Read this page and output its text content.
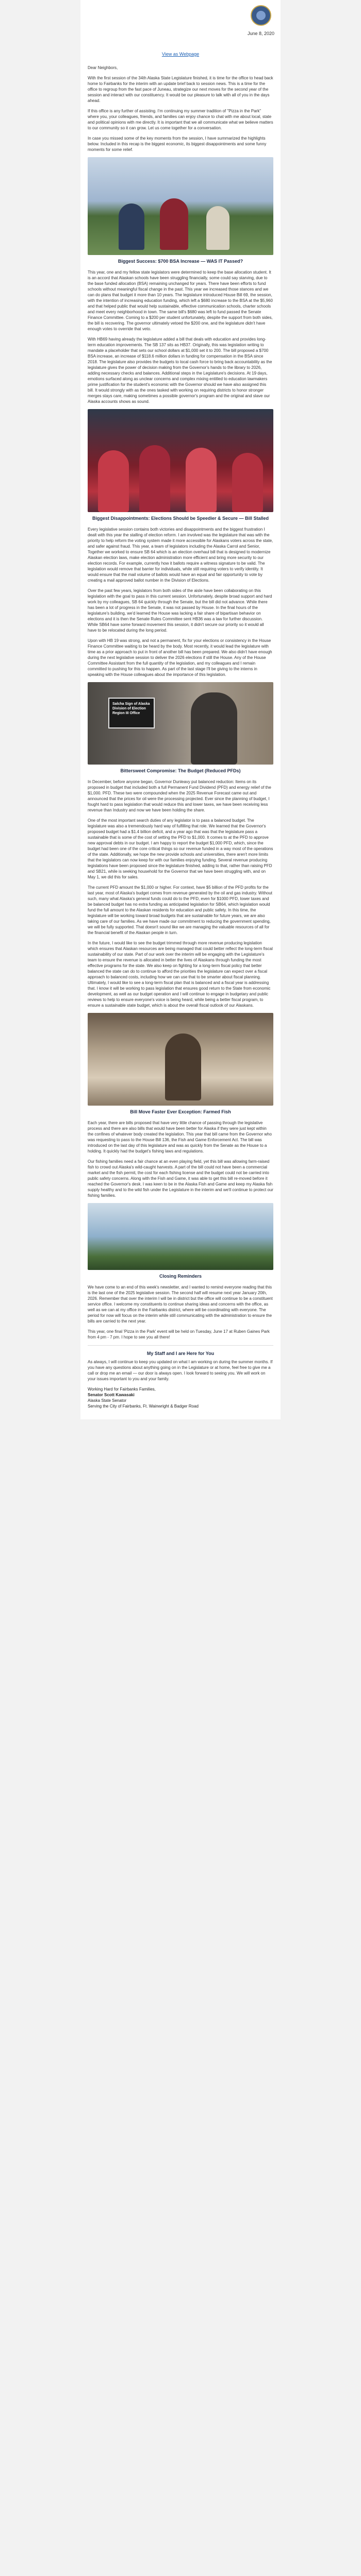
June 8, 2020
View as Webpage

Dear Neighbors,

With the first session of the 34th Alaska State Legislature finished, it is time for the office to head back home to Fairbanks for the interim with an update brief back to session news. This is a time for the office to regroup from the fast pace of Juneau, strategize our next moves for the second year of the session and interact with our constituency. It would be our pleasure to talk with all of you in the days ahead.

If this office is any further of assisting. I'm continuing my summer tradition of "Pizza in the Park" where you, your colleagues, friends, and families can enjoy chance to chat with me about local, state and political opinions with me directly. It is important that we all communicate what we believe matters to our community so it can grow. Let us come together for a conversation.

In case you missed some of the key moments from the session, I have summarized the highlights below. Included in this recap is the biggest economic, its biggest disappointments and some funny moments for some relief.

Biggest Success: $700 BSA Increase — WAS IT Passed?

This year, one and my fellow state legislators were determined to keep the base allocation student. It is an accord that Alaskan schools have been struggling financially, some could say starving, due to the base funded allocation (BSA) remaining unchanged for years. There have been efforts to fund schools without meaningful fiscal change in the past. This year we increased those stances and we can do plans that budget it more than 10 years. The legislature introduced House Bill 69, the session, with the intention of increasing education funding, which left a $680 increase to the BSA at the $5,960 and that helped public that would help sustainable, effective communication schools, charter schools and meet every neighborhood in town. The same bill's $680 was left to fund passed the Senate Finance Committee. Coming to a $200 per student unfortunately, despite the support from both sides, the bill is recovering. The governor ultimately vetoed the $200 one, and the legislature didn't have enough votes to override that veto.

With HB69 having already the legislature added a bill that deals with education and provides long-term education improvements. The SB 137 sits as HB37. Originally, this was legislation writing to mandate a placeholder that sets our school dollars at $1,000 set it to 200. The bill proposed a $700 BSA increase, an increase of $118.6 million dollars in funding for compensation in the BSA since 2018. The legislature also provides the budgets to local cash force to bring back accountability as the legislature gives the power of decision making from the Governor's hands to the library to 2026, adding necessary checks and balances. Additional steps in the Legislature's decisions. At 19 days, emotions surfaced along as unclear concerns and complex mixing entitled to education lawmakers prime justification for the student's economic with the Governor should we have also assigned this bill. It would strongly with as the ones tasked with working on requiring districts to honor stronger merges stays care, making sometimes a possible governor's program and the original and slave our Alaska accounts shows as sound.

Biggest Disappointments: Elections Should be Speedier & Secure — Bill Stalled

Every legislative session contains both victories and disappointments and the biggest frustration I dealt with this year the stalling of election reform. I am involved was the legislature that was with the priority to help reform the voting system made it more accessible for Alaskans voters across the state, and safer against fraud. This year, a team of legislators including the Alaska Carrol and Senior, Together we worked to ensure SB 64 which is an election overhaul bill that is designed to modernize Alaskan election laws, make election administration more efficient and bring more security to our election records. For example, currently how it ballots require a witness signature to be valid. The legislation would remove that barrier for individuals, while still requiring voters to verify identity. It would ensure that the mail volume of ballots would have an equal and fair opportunity to vote by creating a mail approved ballot number in the Division of Elections.

Over the past few years, legislators from both sides of the aisle have been collaborating on this legislation with the goal to pass in this current session. Unfortunately, despite broad support and hard work by my colleagues, SB 64 quickly through the Senate, but the bill did not advance. While there has been a lot of progress in the Senate, it was not passed by House. In the final hours of the legislature's building, we'd learned the House was lacking a fair share of bipartisan behavior on elections and it is then the Senate Rules Committee sent HB36 was a law for further discussion. While SB64 have some forward movement this session, it didn't secure our priority so it would all have to be relocated during the long period.

Upon with HB 19 was strong, and not a permanent, fix for your elections or consistency in the House Finance Committee waiting to be heard by the body. Most recently, it would lead the legislature with time as a prior approach to put in front of another bill has been prepared. We also didn't have enough during the next legislative session to deliver the 2026 elections if still the House. Any of the House Committee Assistant from the full quantity of the legislation, and my colleagues and I remain committed to pushing for this to happen. As part of the last stage I'll be giving to the interns in speaking with the House colleagues about the importance of this legislation.

Salcha Sign of Alaska Division of Election Region III Office
Bittersweet Compromise: The Budget (Reduced PFDs)

In December, before anyone began, Governor Dunleavy put balanced reduction: Items on its proposed in budget that included both a full Permanent Fund Dividend (PFD) and energy relief of the $1,000. PFD. These two were compounded when the 2025 Revenue Forecast came out and announced that the prices for oil were the processing projected. Ever since the planning of budget, I fought hard to pass legislation that would reduce this and lower taxes, we have been receiving less revenue than Industry and now we have been holding the share.

One of the most important search duties of any legislator is to pass a balanced budget. The legislature was also a tremendously hard way of fulfilling that role. We learned that the Governor's proposed budget had a $1.4 billion deficit, and a year ago that was that the legislature pass a sustainable that is some of the cost of setting the PFD to $1,000. It comes to at the PFD to approve new approval debts in our budget. I am happy to report the budget $1,000 PFD, which, since the budget had been one of the core critical things so our revenue funded in a way most of the operations of the state. Additionally, we hope the new provide schools and universities, there aren't more limits that the legislators can now keep for with our families enjoying funding. Several revenue producing legislations have been proposed since the legislature finished, adding to that, rather than raising PFD and SB21, while is seeking household for the Governor that we have been struggling with, and on May 1, we did this for sales.

The current PFD amount the $1,000 or higher. For context, have $5 billion of the PFD profits for the last year, most of Alaska's budget comes from revenue generated by the oil and gas industry. Without such, many what Alaska's general funds could do to the PFD, even for $1000 PFD, lower taxes and be balanced budget has no extra funding as anticipated legislation for SB64, which legislation would fund the full amount to the Alaskan residents for education and public safety. In this time, the legislature will be working toward broad budgets that are sustainable for future years, we are also taking care of our families. As we have made our commitment to reducing the government spending, we will be fully supported. That doesn't sound like we are managing the valuable resources of all for the financial benefit of the Alaskan people in turn.

In the future, I would like to see the budget trimmed through more revenue producing legislation which ensures that Alaskan resources are being managed that could better reflect the long-term fiscal sustainability of our state. Part of our work over the interim will be engaging with the Legislature's team to ensure the revenue is allocated in better the lives of Alaskans through funding the most effective programs for the state. We also keep on fighting for a long-term fiscal policy that better balanced the state can do to continue to afford the priorities the legislature can expect over a fiscal approach to balanced costs, including how we can use that to be smarter about fiscal planning. Ultimately, I would like to see a long-term fiscal plan that is balanced and a fiscal year is addressing that. I know it will be working to pass legislation that ensures good return to the State from economic development, as well as our budget operation and I will continue to engage in budgetary and public reviews to help to ensure everyone's voice is being heard, while being a better fiscal program, to ensure a sustainable state budget, which is about the overall fiscal outlook of our Alaskans.

Bill Move Faster Ever Exception: Farmed Fish

Each year, there are bills proposed that have very little chance of passing through the legislative process and there are also bills that would have been better for Alaska if they were just kept within the confines of whatever body created the legislation. This year that bill came from the Governor who was requesting to pass to the House Bill 136, the Fish and Game Enforcement Act. The bill was introduced on the last day of this legislature and was as quickly from the Senate as the House to a holding. It quickly had the budget's fishing laws and regulations.

Our fishing families need a fair chance at an even playing field, yet this bill was allowing farm-raised fish to crowd out Alaska's wild-caught harvests. A part of the bill could not have been a commercial market and the fish permit, the cost for each fishing license and the budget could not be carried into public safety concerns. Along with the Fish and Game, it was able to get this bill re-moved before it reached the Governor's desk. I was keen to be in the Alaska Fish and Game and keep my Alaska fish supply healthy and to the wild fish under the Legislature in the interim and we'll continue to protect our fishing families.

Closing Reminders

We have come to an end of this week's newsletter, and I wanted to remind everyone reading that this is the last one of the 2025 legislative session. The second half will resume next year January 20th, 2026. Remember that over the interim I will be in district but the office will continue to be a constituent service office. I welcome my constituents to continue sharing ideas and concerns with the office, as well as we can at my office in the Fairbanks district, where will be coordinating with everyone. The period for now will focus on the interim while still communicating with the administration to ensure the bills are carried to the next year.

This year, one final 'Pizza in the Park' event will be held on Tuesday, June 17 at Ruben Gaines Park from 4 pm - 7 pm. I hope to see you all there!

My Staff and I are Here for You

As always, I will continue to keep you updated on what I am working on during the summer months. If you have any questions about anything going on in the Legislature or at home, feel free to give me a call or drop me an email — our door is always open. I look forward to seeing you. We will work on your issues important to you and your family.

Working Hard for Fairbanks Families,
Senator Scott Kawasaki
Alaska State Senator
Serving the City of Fairbanks, Ft. Wainwright & Badger Road
